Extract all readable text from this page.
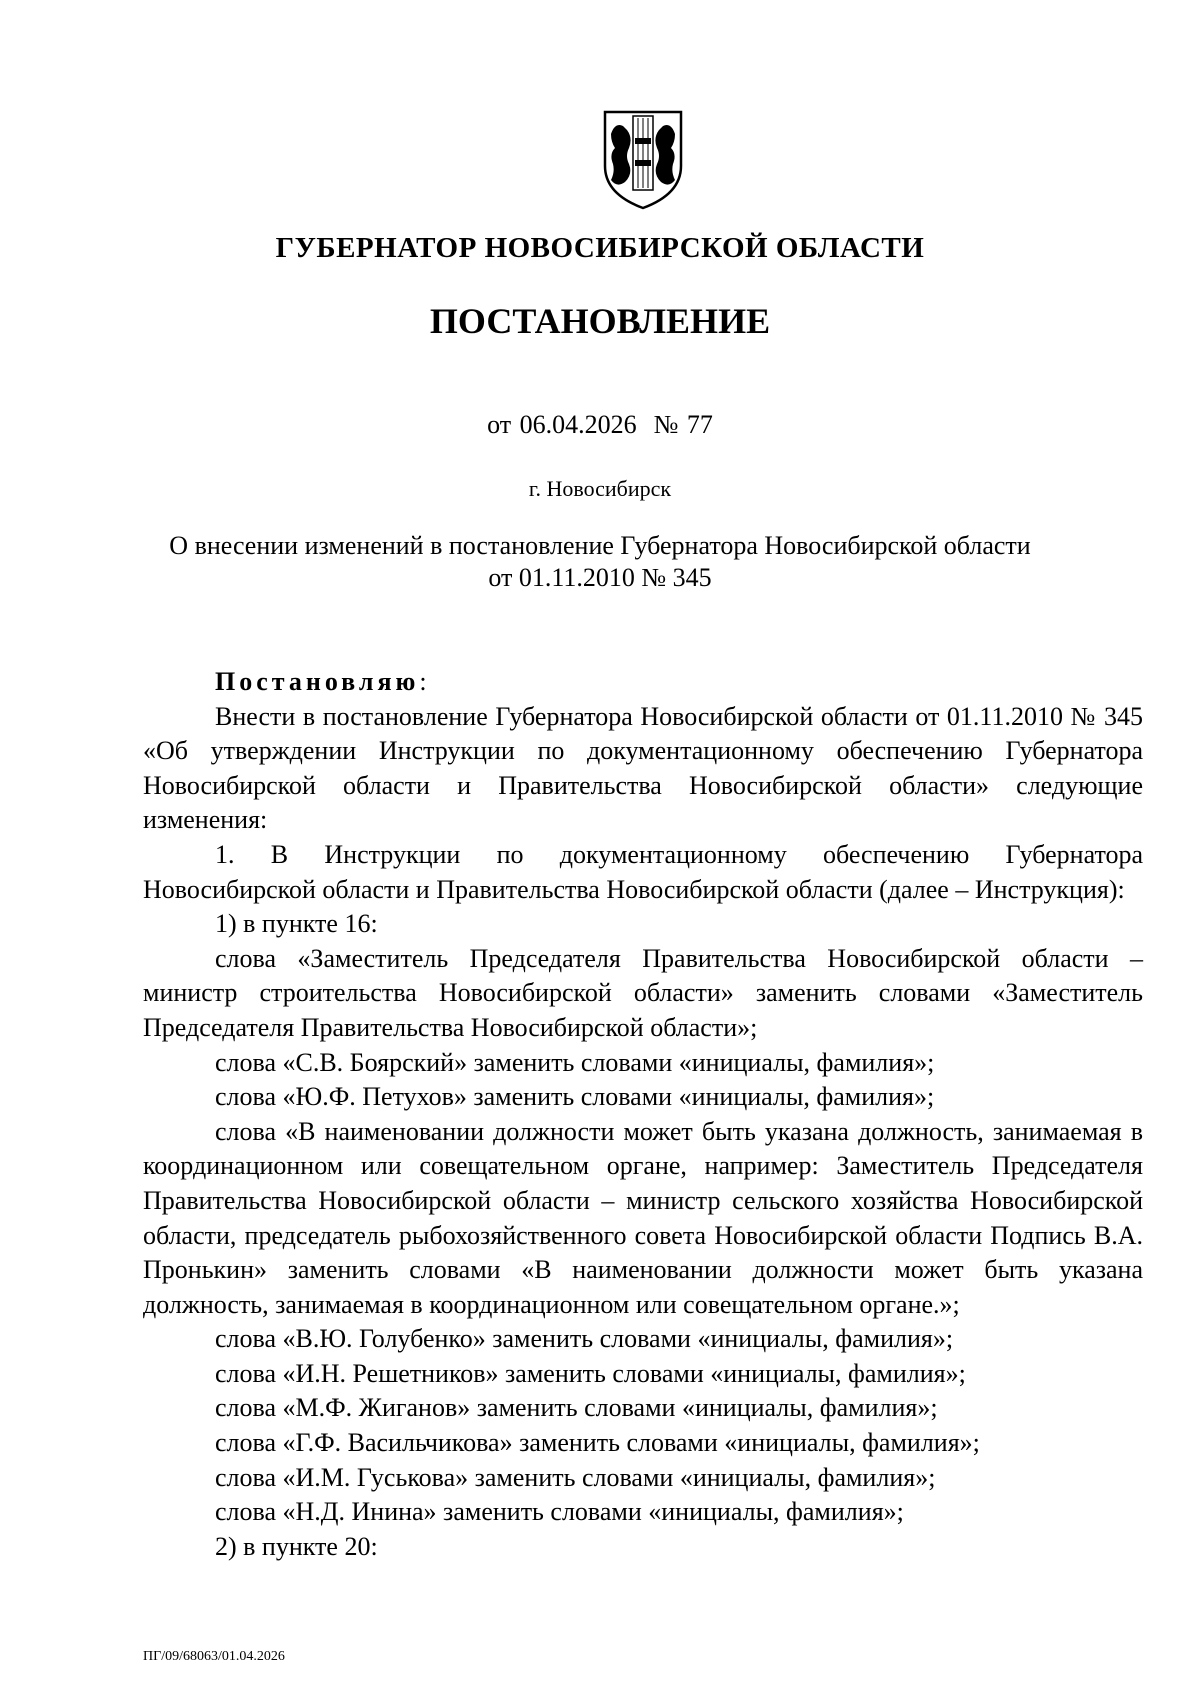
ГУБЕРНАТОР НОВОСИБИРСКОЙ ОБЛАСТИ

ПОСТАНОВЛЕНИЕ

от 06.04.2026  № 77

г. Новосибирск

О внесении изменений в постановление Губернатора Новосибирской области
от 01.11.2010 № 345

Постановляю:

Внести в постановление Губернатора Новосибирской области от 01.11.2010 № 345 «Об утверждении Инструкции по документационному обеспечению Губернатора Новосибирской области и Правительства Новосибирской области» следующие изменения:

1. В Инструкции по документационному обеспечению Губернатора Новосибирской области и Правительства Новосибирской области (далее – Инструкция):

1) в пункте 16:

слова «Заместитель Председателя Правительства Новосибирской области – министр строительства Новосибирской области» заменить словами «Заместитель Председателя Правительства Новосибирской области»;

слова «С.В. Боярский» заменить словами «инициалы, фамилия»;

слова «Ю.Ф. Петухов» заменить словами «инициалы, фамилия»;

слова «В наименовании должности может быть указана должность, занимаемая в координационном или совещательном органе, например: Заместитель Председателя Правительства Новосибирской области – министр сельского хозяйства Новосибирской области, председатель рыбохозяйственного совета Новосибирской области Подпись В.А. Пронькин» заменить словами «В наименовании должности может быть указана должность, занимаемая в координационном или совещательном органе.»;

слова «В.Ю. Голубенко» заменить словами «инициалы, фамилия»;

слова «И.Н. Решетников» заменить словами «инициалы, фамилия»;

слова «М.Ф. Жиганов» заменить словами «инициалы, фамилия»;

слова «Г.Ф. Васильчикова» заменить словами «инициалы, фамилия»;

слова «И.М. Гуськова» заменить словами «инициалы, фамилия»;

слова «Н.Д. Инина» заменить словами «инициалы, фамилия»;

2) в пункте 20:

ПГ/09/68063/01.04.2026
